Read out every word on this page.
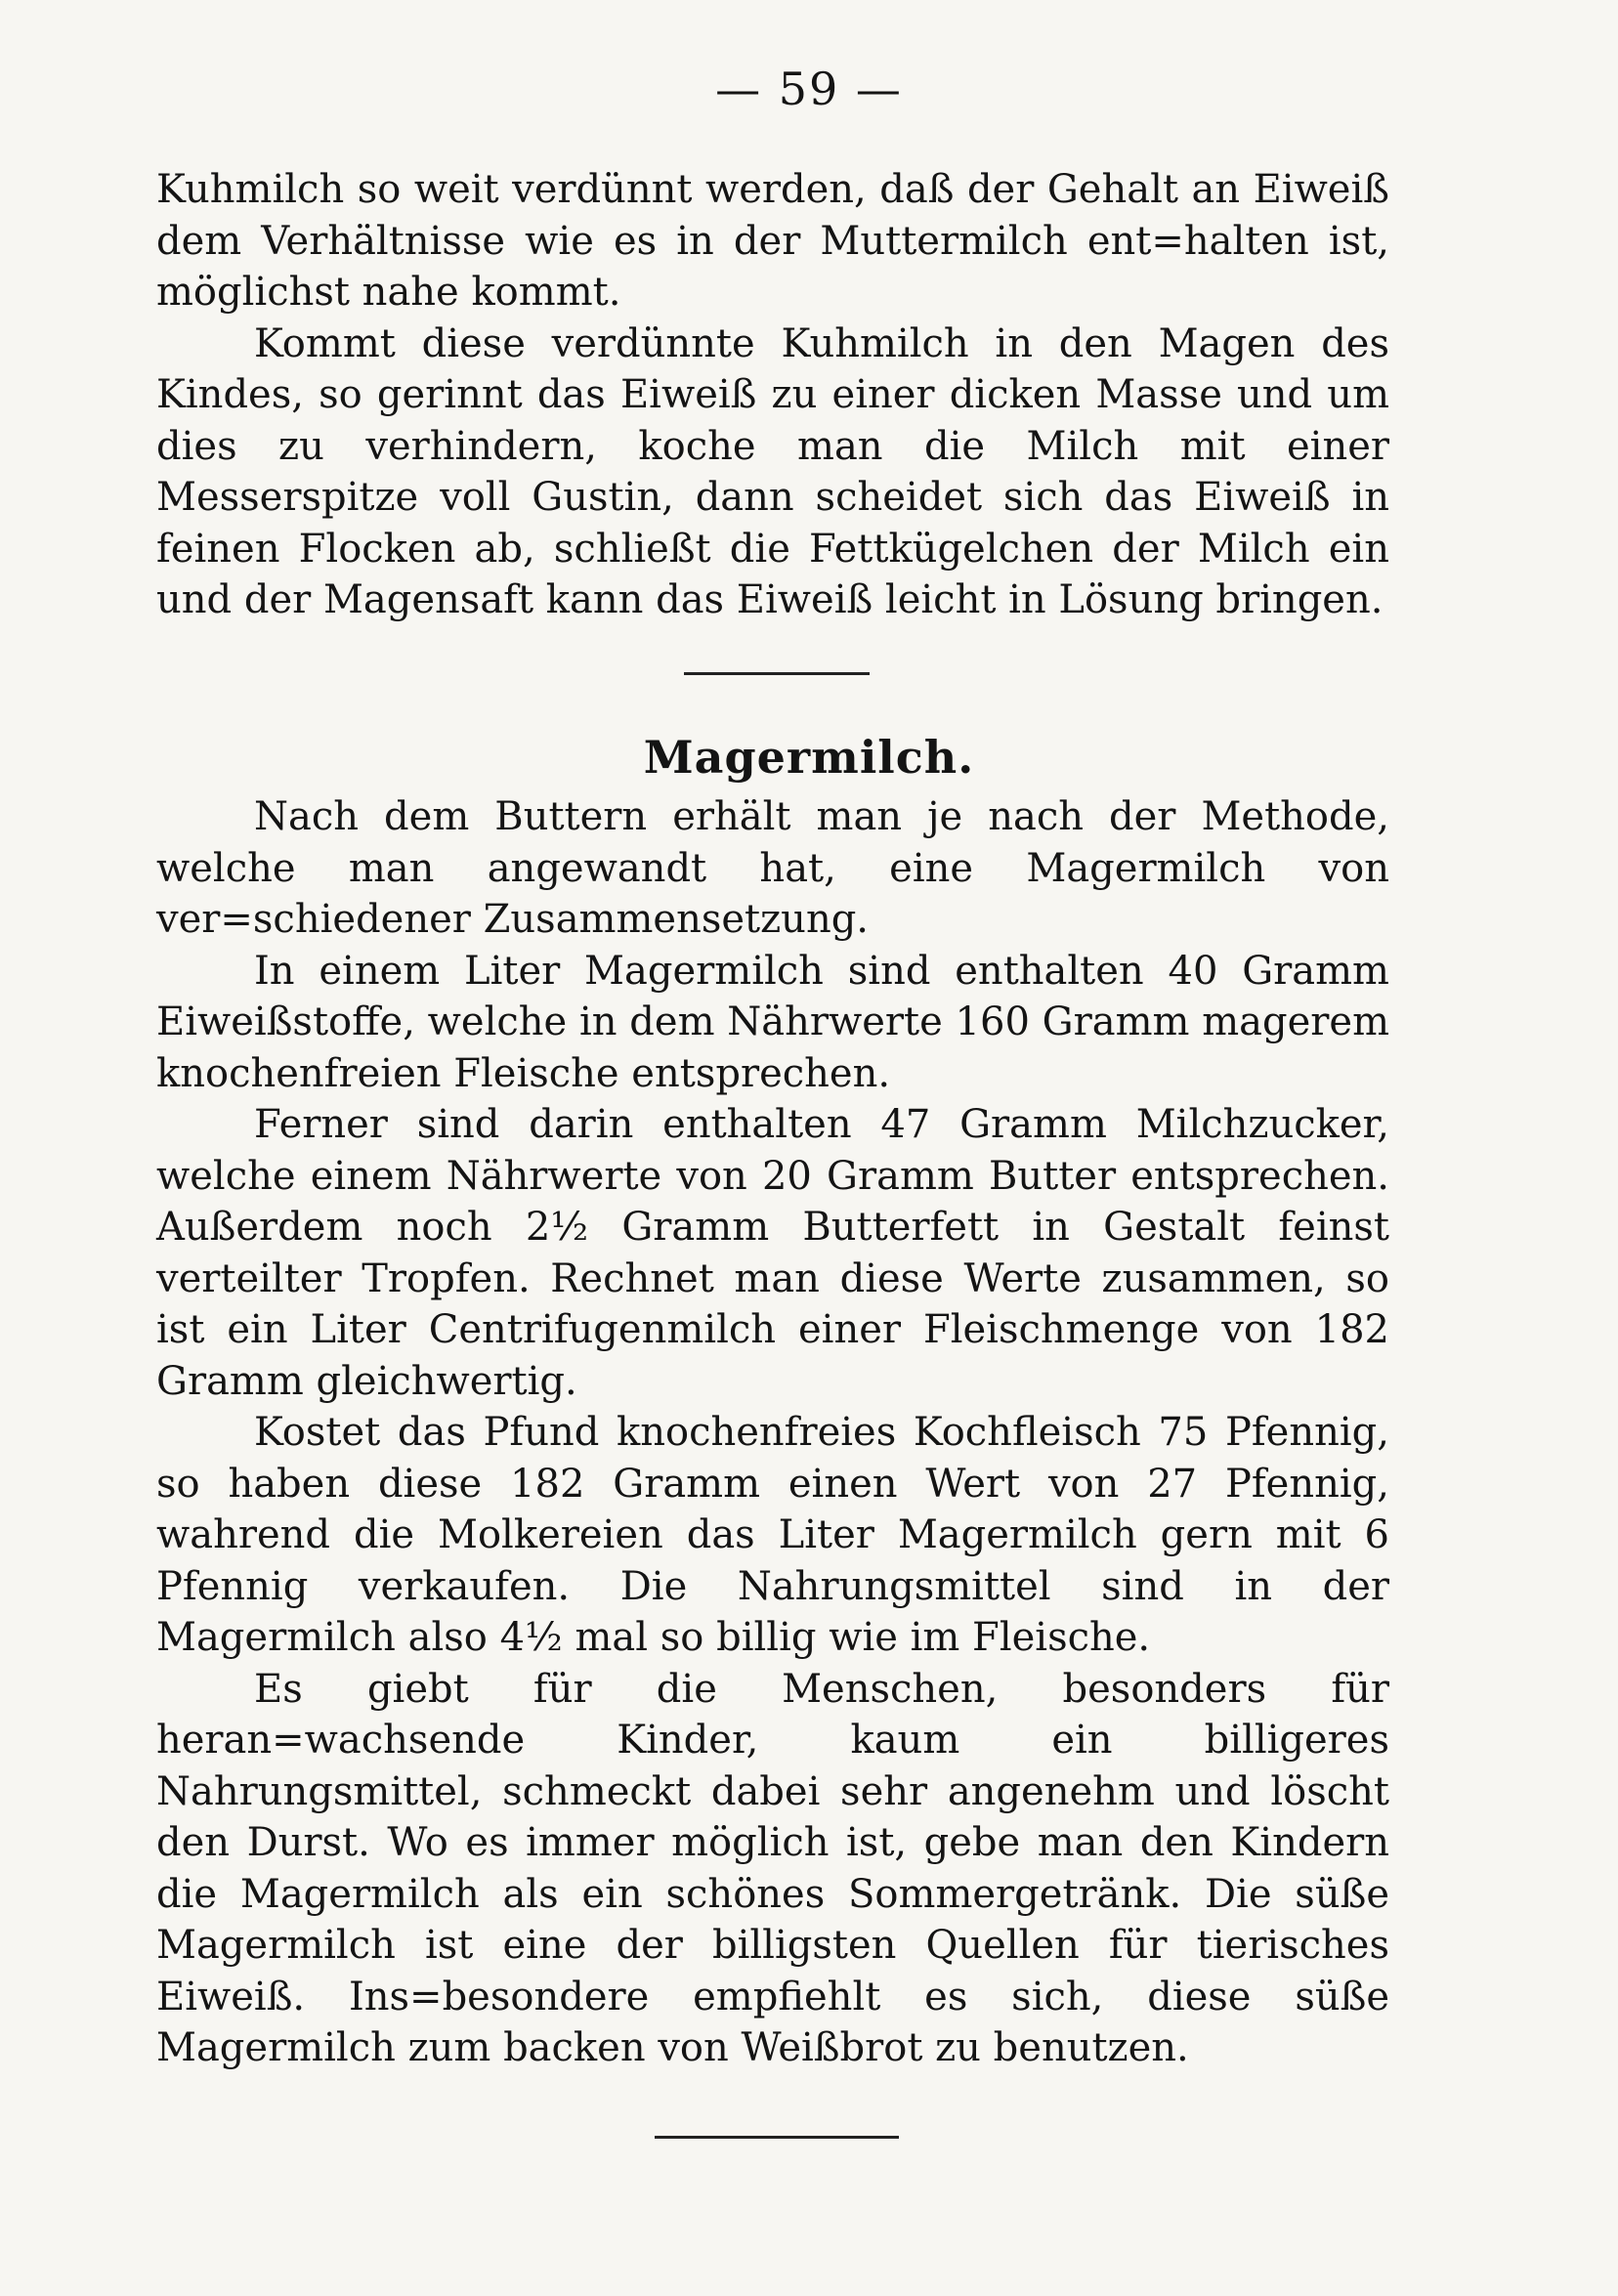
— 59 —

Kuhmilch so weit verdünnt werden, daß der Gehalt an Eiweiß dem Verhältnisse wie es in der Muttermilch ent=halten ist, möglichst nahe kommt.

Kommt diese verdünnte Kuhmilch in den Magen des Kindes, so gerinnt das Eiweiß zu einer dicken Masse und um dies zu verhindern, koche man die Milch mit einer Messerspitze voll Gustin, dann scheidet sich das Eiweiß in feinen Flocken ab, schließt die Fettkügelchen der Milch ein und der Magensaft kann das Eiweiß leicht in Lösung bringen.

Magermilch.

Nach dem Buttern erhält man je nach der Methode, welche man angewandt hat, eine Magermilch von ver=schiedener Zusammensetzung.

In einem Liter Magermilch sind enthalten 40 Gramm Eiweißstoffe, welche in dem Nährwerte 160 Gramm magerem knochenfreien Fleische entsprechen.

Ferner sind darin enthalten 47 Gramm Milchzucker, welche einem Nährwerte von 20 Gramm Butter entsprechen. Außerdem noch 2½ Gramm Butterfett in Gestalt feinst verteilter Tropfen. Rechnet man diese Werte zusammen, so ist ein Liter Centrifugenmilch einer Fleischmenge von 182 Gramm gleichwertig.

Kostet das Pfund knochenfreies Kochfleisch 75 Pfennig, so haben diese 182 Gramm einen Wert von 27 Pfennig, wahrend die Molkereien das Liter Magermilch gern mit 6 Pfennig verkaufen. Die Nahrungsmittel sind in der Magermilch also 4½ mal so billig wie im Fleische.

Es giebt für die Menschen, besonders für heran=wachsende Kinder, kaum ein billigeres Nahrungsmittel, schmeckt dabei sehr angenehm und löscht den Durst. Wo es immer möglich ist, gebe man den Kindern die Magermilch als ein schönes Sommergetränk. Die süße Magermilch ist eine der billigsten Quellen für tierisches Eiweiß. Ins=besondere empfiehlt es sich, diese süße Magermilch zum backen von Weißbrot zu benutzen.
